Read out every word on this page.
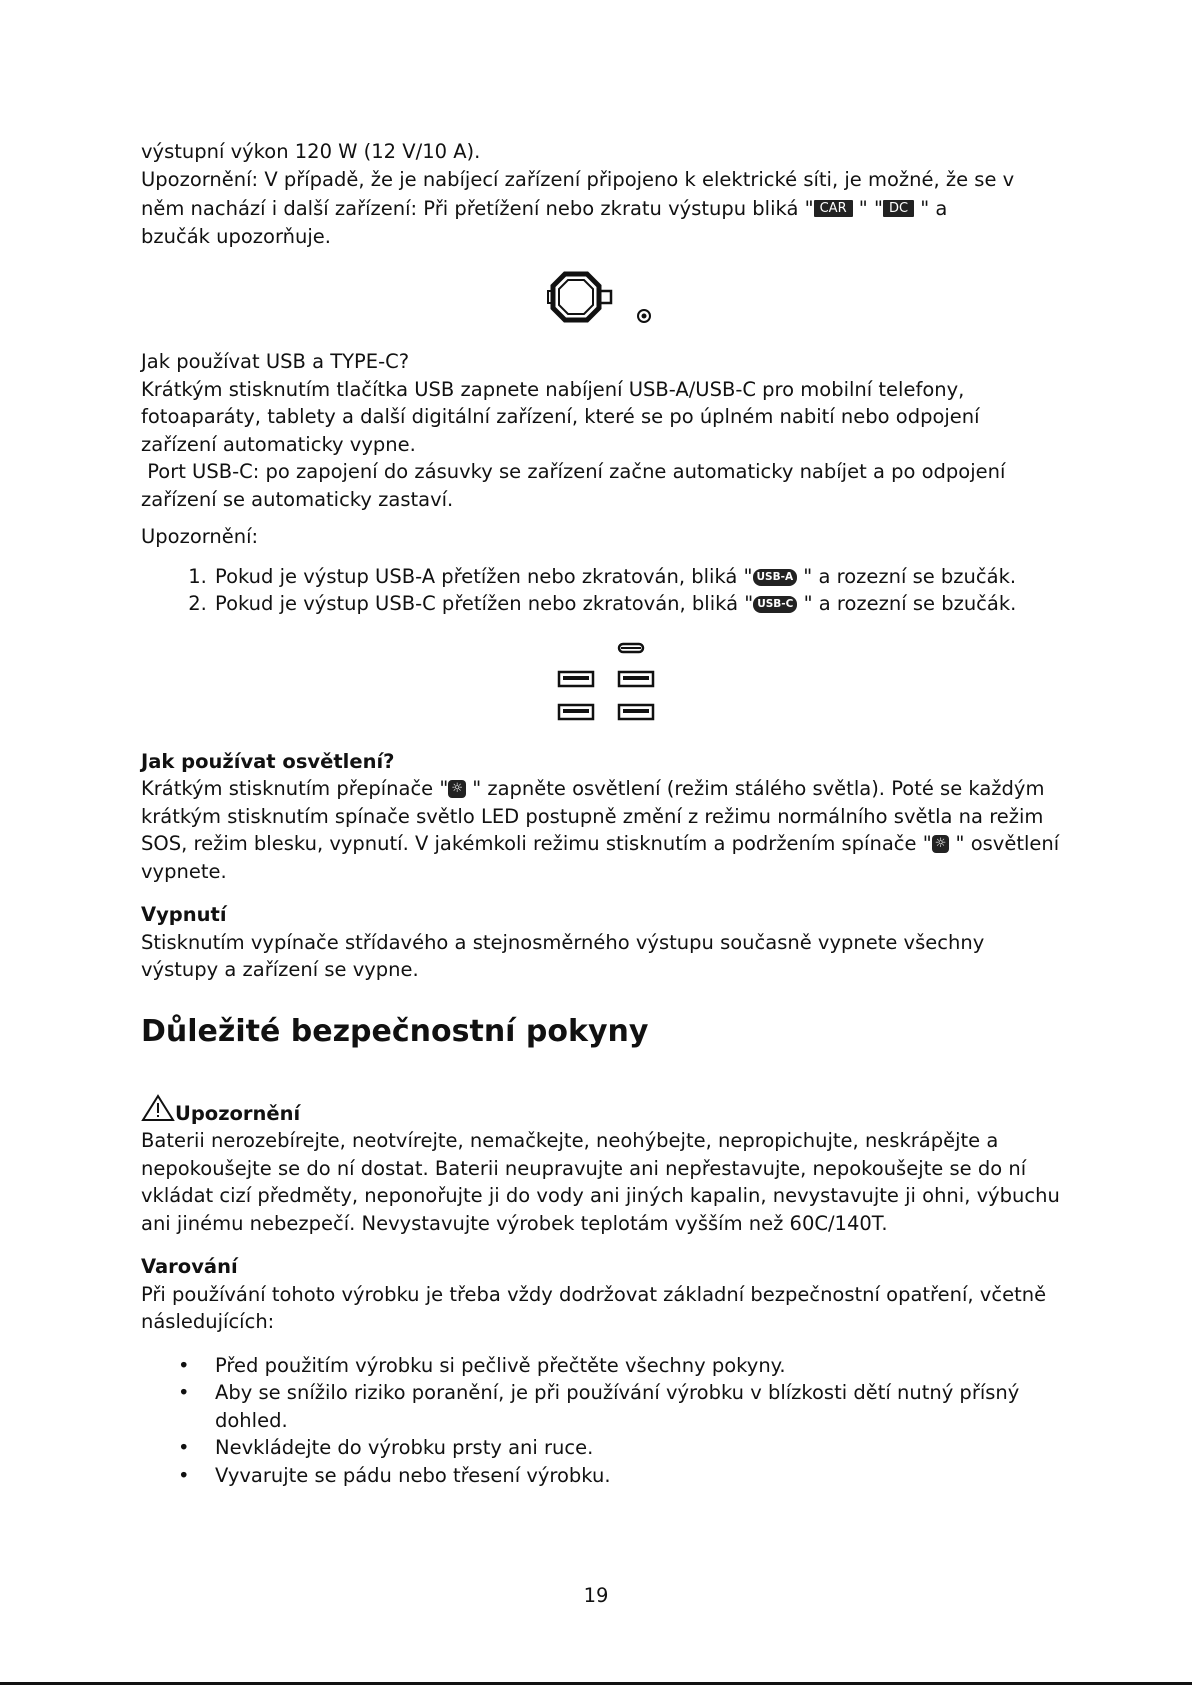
výstupní výkon 120 W (12 V/10 A).

Upozornění: V případě, že je nabíjecí zařízení připojeno k elektrické síti, je možné, že se v

něm nachází i další zařízení: Při přetížení nebo zkratu výstupu bliká " CAR " " DC " a

bzučák upozorňuje.

Jak používat USB a TYPE-C?

Krátkým stisknutím tlačítka USB zapnete nabíjení USB-A/USB-C pro mobilní telefony, fotoaparáty, tablety a další digitální zařízení, které se po úplném nabití nebo odpojení zařízení automaticky vypne.

Port USB-C: po zapojení do zásuvky se zařízení začne automaticky nabíjet a po odpojení zařízení se automaticky zastaví.

Upozornění:

1. Pokud je výstup USB-A přetížen nebo zkratován, bliká " USB-A " a rozezní se bzučák.
2. Pokud je výstup USB-C přetížen nebo zkratován, bliká " USB-C " a rozezní se bzučák.

Jak používat osvětlení?

Krátkým stisknutím přepínače " ☼ " zapněte osvětlení (režim stálého světla). Poté se každým krátkým stisknutím spínače světlo LED postupně změní z režimu normálního světla na režim SOS, režim blesku, vypnutí. V jakémkoli režimu stisknutím a podržením spínače " ☼ " osvětlení vypnete.

Vypnutí

Stisknutím vypínače střídavého a stejnosměrného výstupu současně vypnete všechny výstupy a zařízení se vypne.

Důležité bezpečnostní pokyny

Upozornění

Baterii nerozebírejte, neotvírejte, nemačkejte, neohýbejte, nepropichujte, neskrápějte a nepokoušejte se do ní dostat. Baterii neupravujte ani nepřestavujte, nepokoušejte se do ní vkládat cizí předměty, neponořujte ji do vody ani jiných kapalin, nevystavujte ji ohni, výbuchu ani jinému nebezpečí. Nevystavujte výrobek teplotám vyšším než 60C/140T.

Varování

Při používání tohoto výrobku je třeba vždy dodržovat základní bezpečnostní opatření, včetně následujících:

• Před použitím výrobku si pečlivě přečtěte všechny pokyny.
• Aby se snížilo riziko poranění, je při používání výrobku v blízkosti dětí nutný přísný dohled.
• Nevkládejte do výrobku prsty ani ruce.
• Vyvarujte se pádu nebo třesení výrobku.
19
